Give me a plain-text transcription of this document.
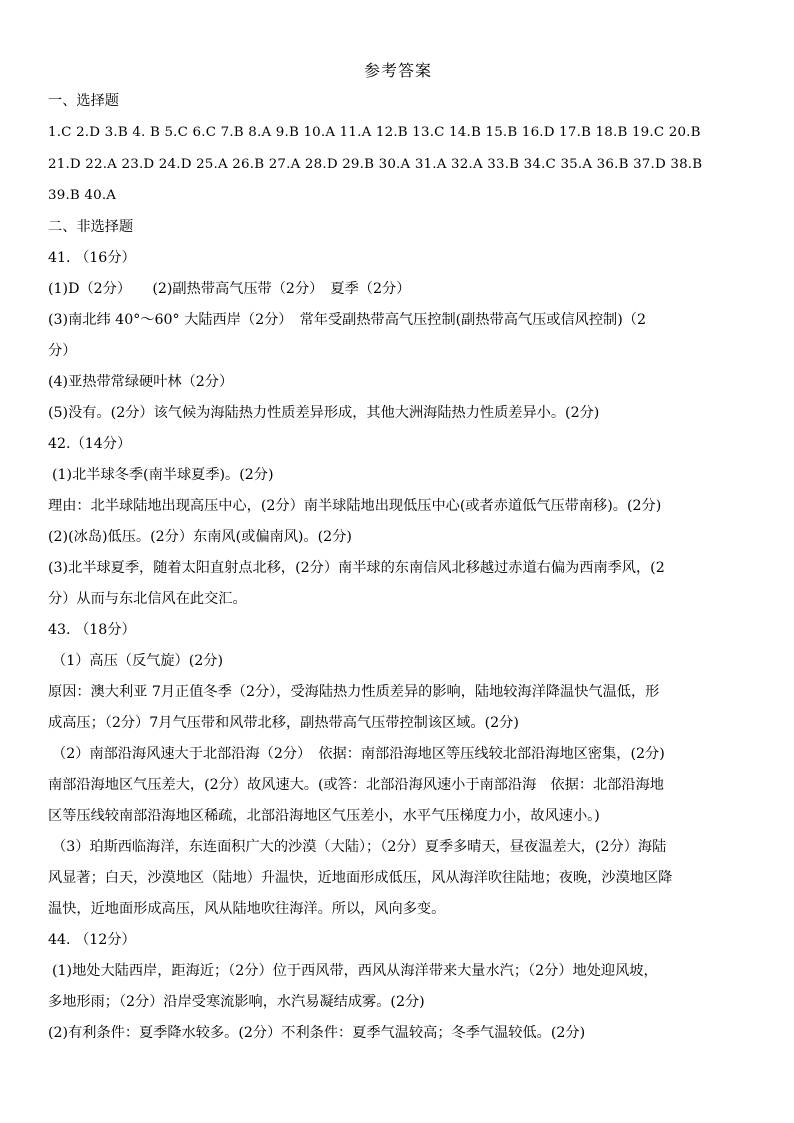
参考答案
一、选择题
1.C 2.D 3.B 4. B 5.C 6.C 7.B 8.A 9.B 10.A 11.A 12.B 13.C 14.B 15.B 16.D 17.B 18.B 19.C 20.B
21.D 22.A 23.D 24.D 25.A 26.B 27.A 28.D 29.B 30.A 31.A 32.A 33.B 34.C 35.A 36.B 37.D 38.B
39.B 40.A
二、非选择题
41. （16分）
(1)D（2分）　　(2)副热带高气压带（2分）　夏季（2分）
(3)南北纬 40°～60° 大陆西岸（2分）　常年受副热带高气压控制(副热带高气压或信风控制)（2
分）
(4)亚热带常绿硬叶林（2分）
(5)没有。(2分）该气候为海陆热力性质差异形成，其他大洲海陆热力性质差异小。(2分)
42.（14分）
(1)北半球冬季(南半球夏季)。(2分)
理由：北半球陆地出现高压中心，(2分）南半球陆地出现低压中心(或者赤道低气压带南移)。(2分)
(2)(冰岛)低压。(2分）东南风(或偏南风)。(2分)
(3)北半球夏季，随着太阳直射点北移，(2分）南半球的东南信风北移越过赤道右偏为西南季风，(2
分）从而与东北信风在此交汇。
43. （18分）
（1）高压（反气旋）(2分)
原因：澳大利亚 7月正值冬季（2分），受海陆热力性质差异的影响，陆地较海洋降温快气温低，形
成高压；（2分）7月气压带和风带北移，副热带高气压带控制该区域。(2分)
（2）南部沿海风速大于北部沿海（2分）　依据：南部沿海地区等压线较北部沿海地区密集，(2分)
南部沿海地区气压差大，(2分）故风速大。(或答：北部沿海风速小于南部沿海　依据：北部沿海地
区等压线较南部沿海地区稀疏，北部沿海地区气压差小，水平气压梯度力小，故风速小。)
（3）珀斯西临海洋，东连面积广大的沙漠（大陆）；（2分）夏季多晴天，昼夜温差大，(2分）海陆
风显著；白天，沙漠地区（陆地）升温快，近地面形成低压，风从海洋吹往陆地；夜晚，沙漠地区降
温快，近地面形成高压，风从陆地吹往海洋。所以，风向多变。
44. （12分）
(1)地处大陆西岸，距海近；（2分）位于西风带，西风从海洋带来大量水汽；（2分）地处迎风坡，
多地形雨；（2分）沿岸受寒流影响，水汽易凝结成雾。(2分)
(2)有利条件：夏季降水较多。(2分）不利条件：夏季气温较高；冬季气温较低。(2分)
